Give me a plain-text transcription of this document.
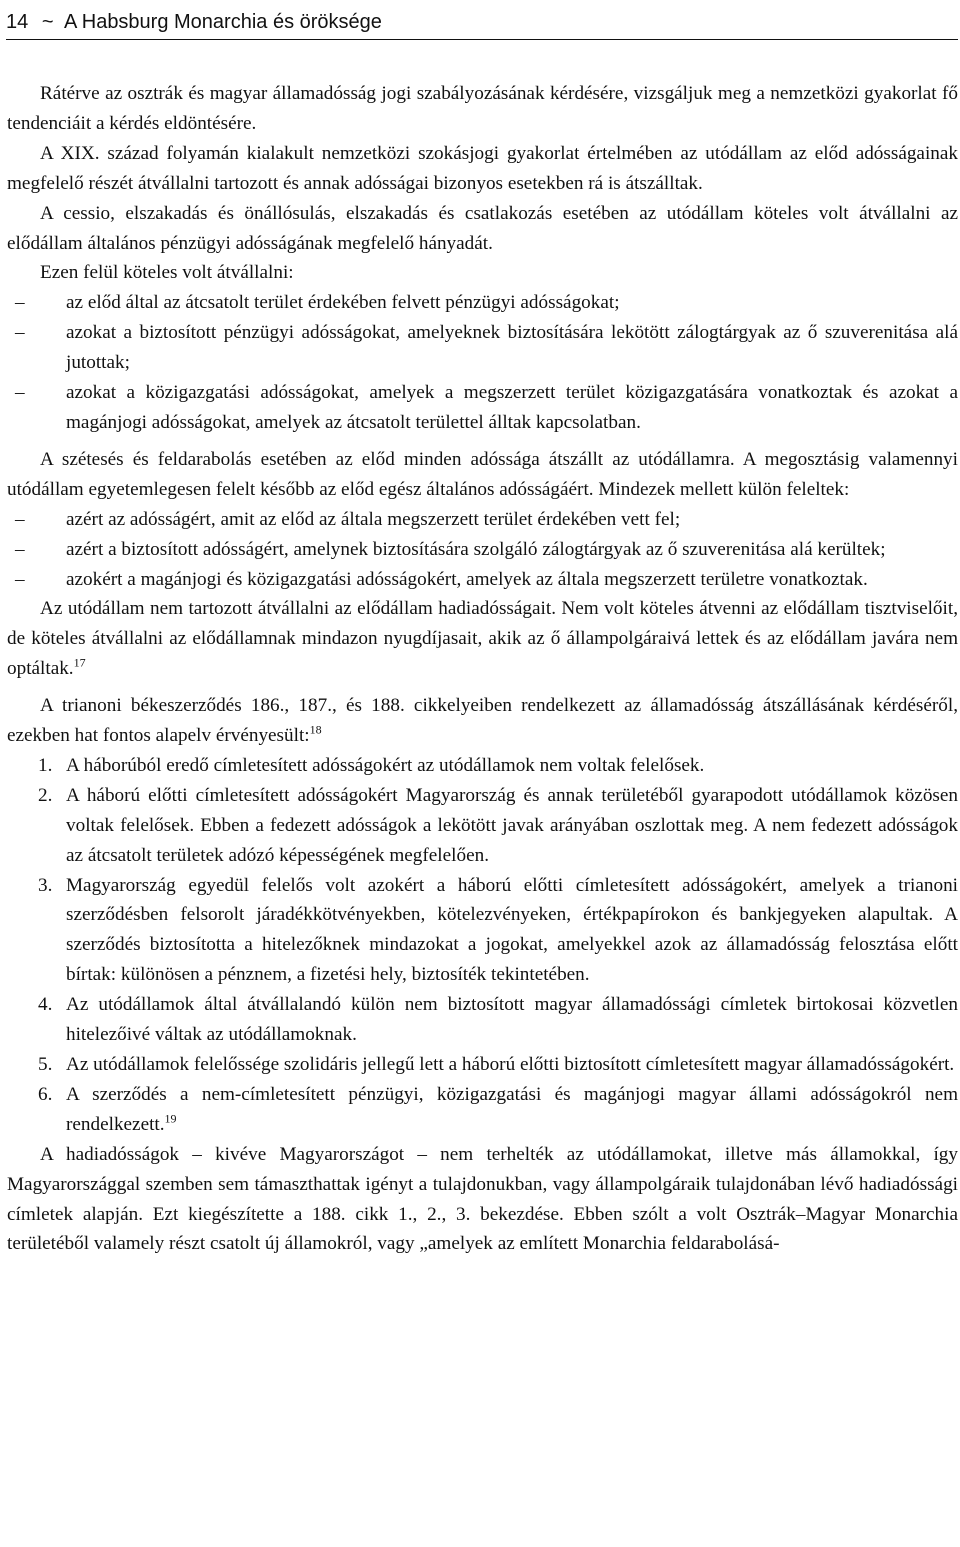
14 ~ A Habsburg Monarchia és öröksége

Rátérve az osztrák és magyar államadósság jogi szabályozásának kérdésére, vizsgáljuk meg a nemzetközi gyakorlat fő tendenciáit a kérdés eldöntésére.

A XIX. század folyamán kialakult nemzetközi szokásjogi gyakorlat értelmében az utódállam az előd adósságainak megfelelő részét átvállalni tartozott és annak adósságai bizonyos esetekben rá is átszálltak.

A cessio, elszakadás és önállósulás, elszakadás és csatlakozás esetében az utódállam köteles volt átvállalni az elődállam általános pénzügyi adósságának megfelelő hányadát.

Ezen felül köteles volt átvállalni:

– az előd által az átcsatolt terület érdekében felvett pénzügyi adósságokat;
– azokat a biztosított pénzügyi adósságokat, amelyeknek biztosítására lekötött zálogtárgyak az ő szuverenitása alá jutottak;
– azokat a közigazgatási adósságokat, amelyek a megszerzett terület közigazgatására vonatkoztak és azokat a magánjogi adósságokat, amelyek az átcsatolt területtel álltak kapcsolatban.

A szétesés és feldarabolás esetében az előd minden adóssága átszállt az utódállamra. A megosztásig valamennyi utódállam egyetemlegesen felelt később az előd egész általános adósságáért. Mindezek mellett külön feleltek:

– azért az adósságért, amit az előd az általa megszerzett terület érdekében vett fel;
– azért a biztosított adósságért, amelynek biztosítására szolgáló zálogtárgyak az ő szuverenitása alá kerültek;
– azokért a magánjogi és közigazgatási adósságokért, amelyek az általa megszerzett területre vonatkoztak.

Az utódállam nem tartozott átvállalni az elődállam hadiadósságait. Nem volt köteles átvenni az elődállam tisztviselőit, de köteles átvállalni az elődállamnak mindazon nyugdíjasait, akik az ő állampolgáraivá lettek és az elődállam javára nem optáltak.$^{17}$

A trianoni békeszerződés 186., 187., és 188. cikkelyeiben rendelkezett az államadósság átszállásának kérdéséről, ezekben hat fontos alapelv érvényesült:$^{18}$

1. A háborúból eredő címletesített adósságokért az utódállamok nem voltak felelősek.
2. A háború előtti címletesített adósságokért Magyarország és annak területéből gyarapodott utódállamok közösen voltak felelősek. Ebben a fedezett adósságok a lekötött javak arányában oszlottak meg. A nem fedezett adósságok az átcsatolt területek adózó képességének megfelelően.
3. Magyarország egyedül felelős volt azokért a háború előtti címletesített adósságokért, amelyek a trianoni szerződésben felsorolt járadékkötvényekben, kötelezvényeken, értékpapírokon és bankjegyeken alapultak. A szerződés biztosította a hitelezőknek mindazokat a jogokat, amelyekkel azok az államadósság felosztása előtt bírtak: különösen a pénznem, a fizetési hely, biztosíték tekintetében.
4. Az utódállamok által átvállalandó külön nem biztosított magyar államadóssági címletek birtokosai közvetlen hitelezőivé váltak az utódállamoknak.
5. Az utódállamok felelőssége szolidáris jellegű lett a háború előtti biztosított címletesített magyar államadósságokért.
6. A szerződés a nem-címletesített pénzügyi, közigazgatási és magánjogi magyar állami adósságokról nem rendelkezett.$^{19}$

A hadiadósságok – kivéve Magyarországot – nem terhelték az utódállamokat, illetve más államokkal, így Magyarországgal szemben sem támaszthattak igényt a tulajdonukban, vagy állampolgáraik tulajdonában lévő hadiadóssági címletek alapján. Ezt kiegészítette a 188. cikk 1., 2., 3. bekezdése. Ebben szólt a volt Osztrák–Magyar Monarchia területéből valamely részt csatolt új államokról, vagy „amelyek az említett Monarchia feldarabolásá-
